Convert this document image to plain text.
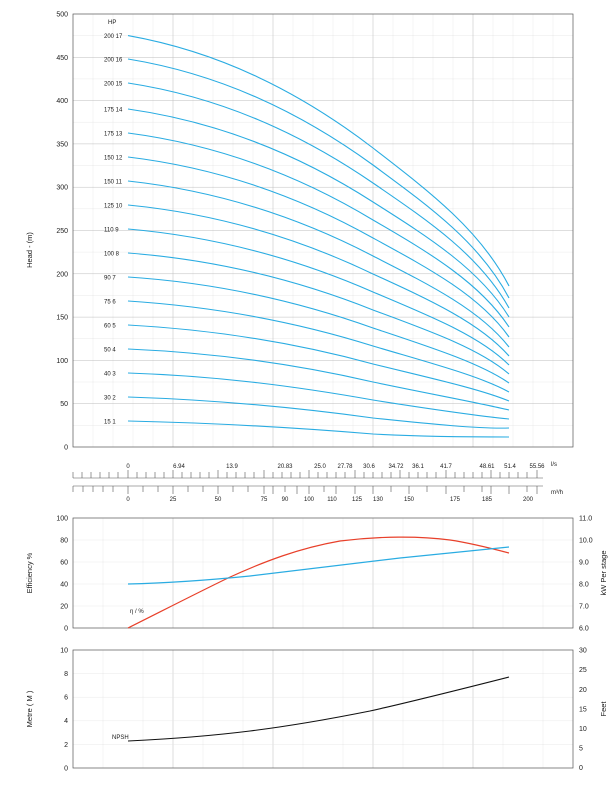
500
450
400
350
300
250
200
150
100
50
0
Head - (m)
HP
200 17
200 16
200 15
175 14
175 13
150 12
150 11
125 10
110 9
100 8
90 7
75 6
60 5
50 4
40 3
30 2
15 1
0	6.94	13.9	20.83	25.0 27.78 30.6 34.72 36.1	41.7	48.61 51.4 55.56 l/s
0	25	50	75 90	100 110	125 130	150	175	185	200
m³/h
100
80
60
40
20
0
11.0
10.0
9.0
8.0
7.0
6.0
Efficiency %	kW Per stage
η / %
10
8
6
4
2
0
30
25
20
15
10
5
0
Metre ( M )	Feet
NPSH
